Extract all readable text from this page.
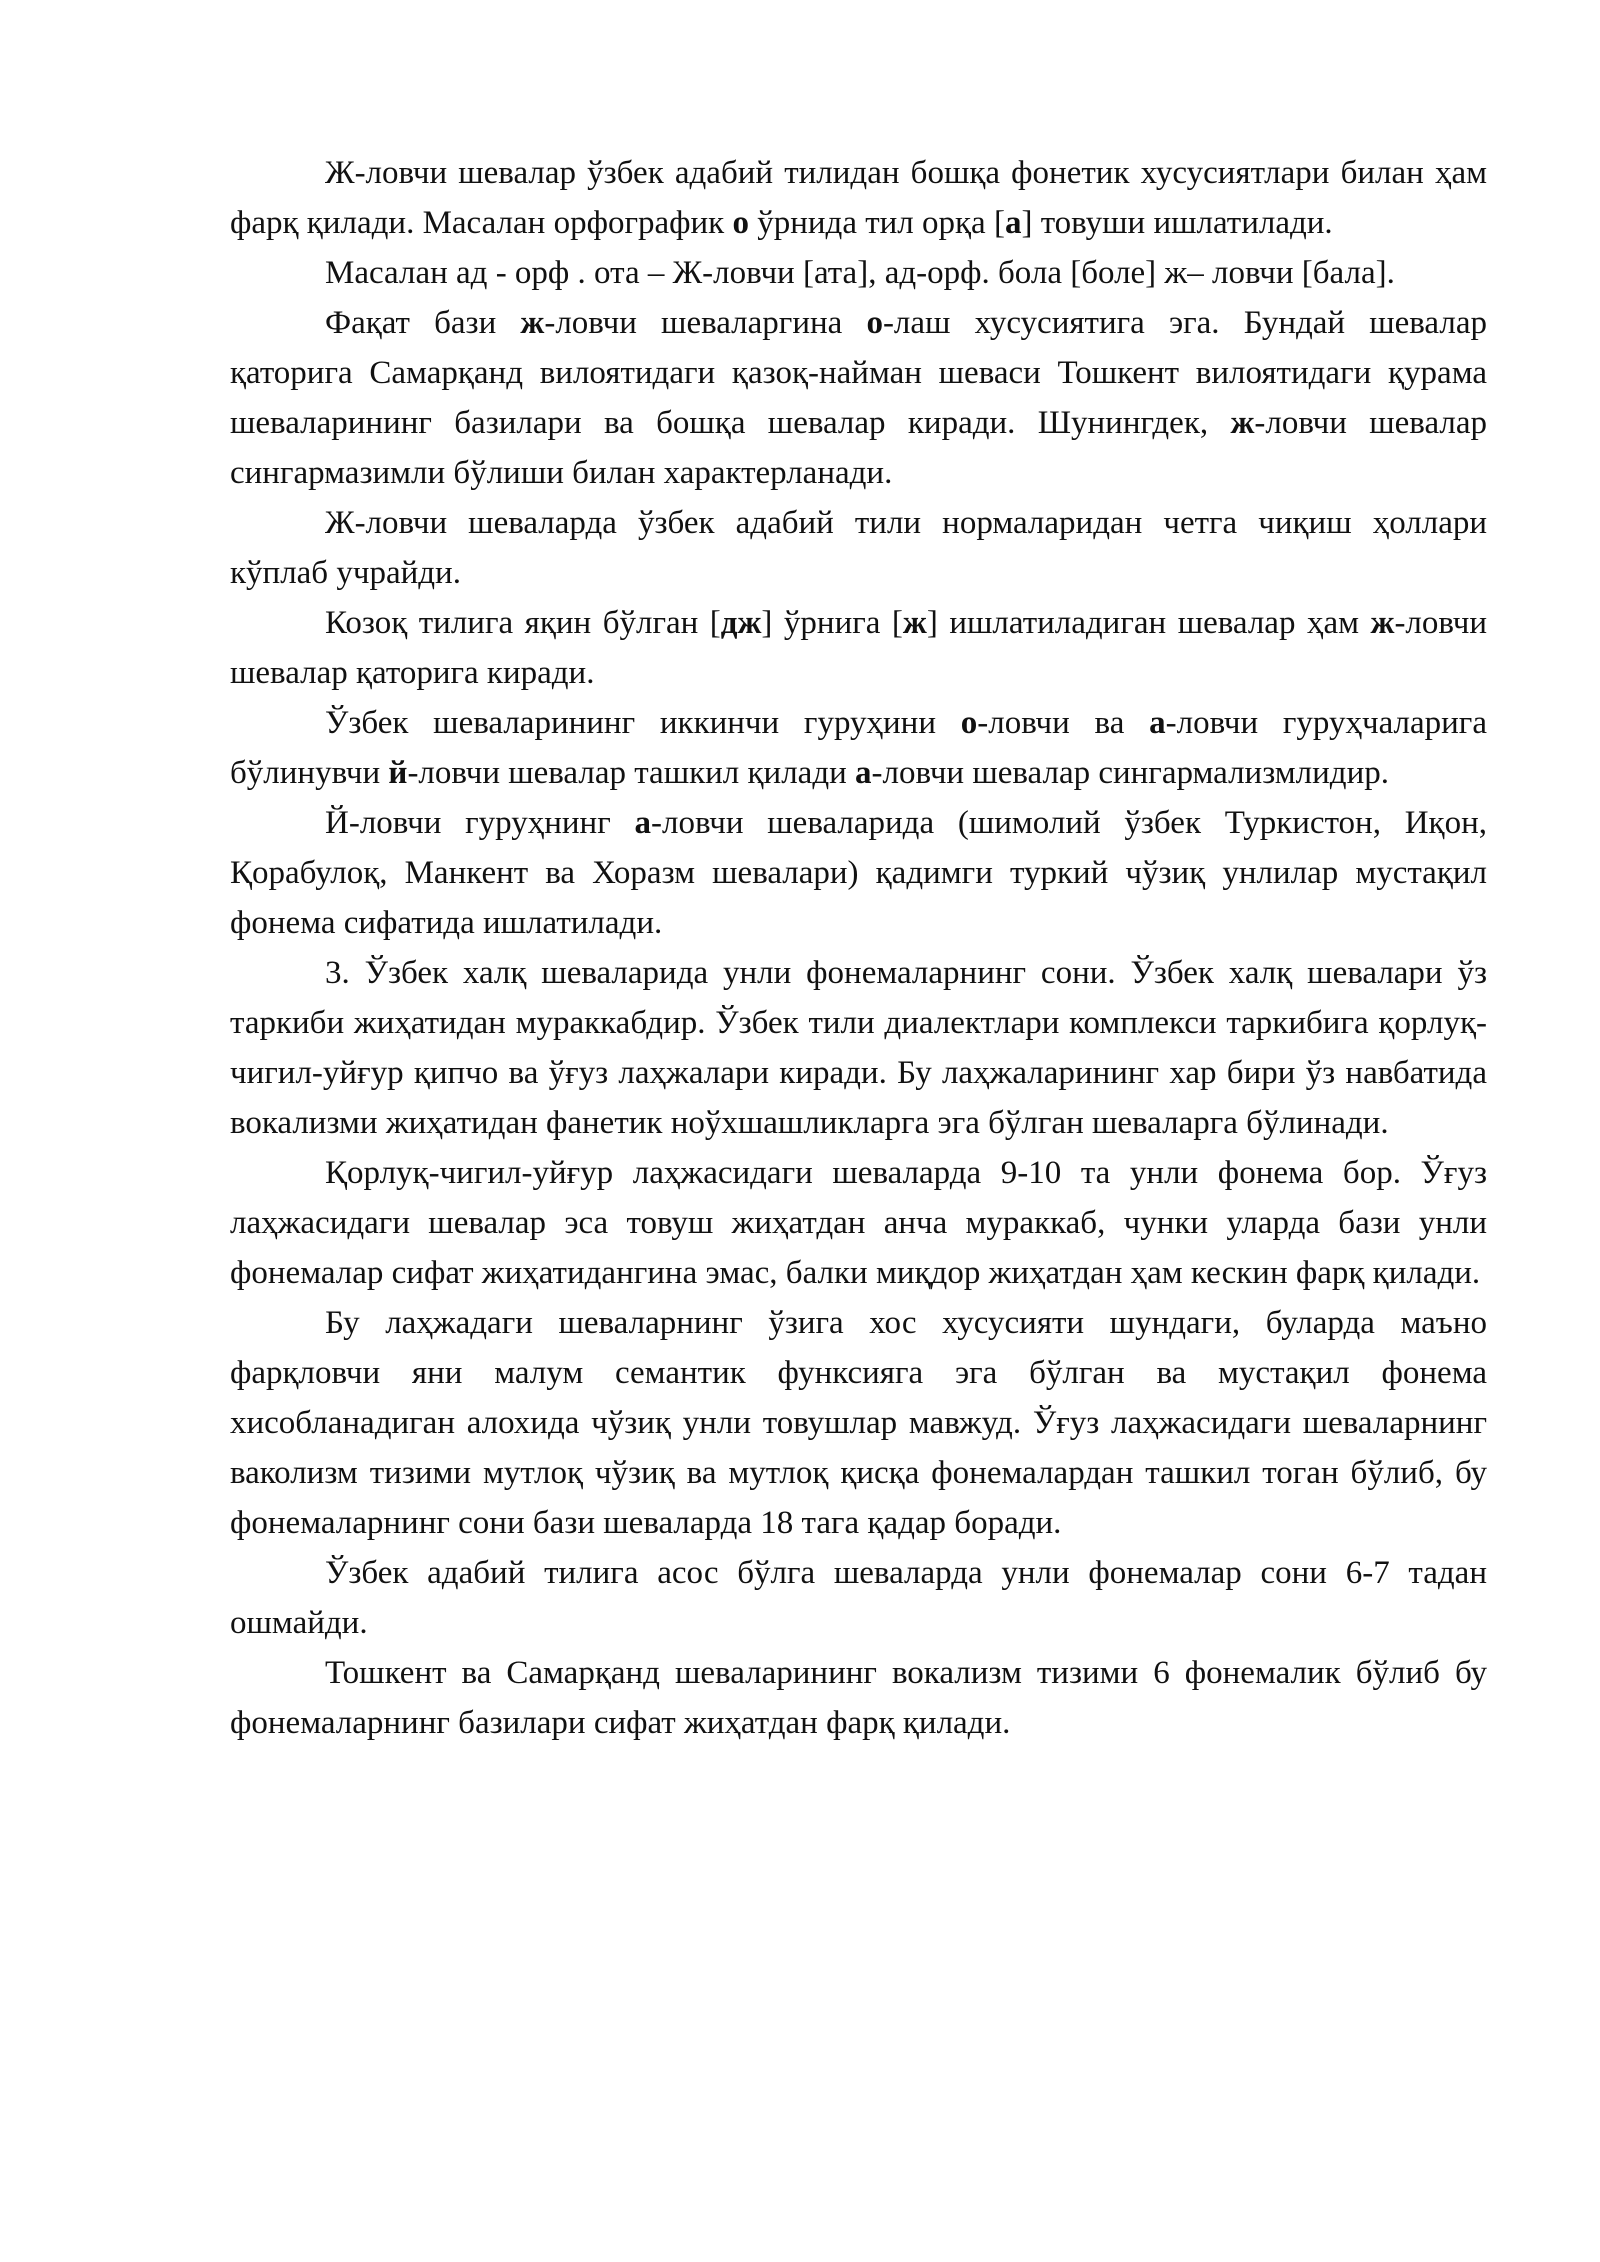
Ж-ловчи шевалар ўзбек адабий тилидан бошқа фонетик хусусиятлари билан ҳам фарқ қилади. Масалан орфографик о ўрнида тил орқа [а] товуши ишлатилади.

Масалан ад - орф . ота – Ж-ловчи [ата], ад-орф. бола [боле] ж– ловчи [бала].

Фақат бази ж-ловчи шеваларгина о-лаш хусусиятига эга. Бундай шевалар қаторига Самарқанд вилоятидаги қазоқ-найман шеваси Тошкент вилоятидаги қурама шеваларининг базилари ва бошқа шевалар киради. Шунингдек, ж-ловчи шевалар сингармазимли бўлиши билан характерланади.

Ж-ловчи шеваларда ўзбек адабий тили нормаларидан четга чиқиш ҳоллари кўплаб учрайди.

Козоқ тилига яқин бўлган [дж] ўрнига [ж] ишлатиладиган шевалар ҳам ж-ловчи шевалар қаторига киради.

Ўзбек шеваларининг иккинчи гуруҳини о-ловчи ва а-ловчи гуруҳчаларига бўлинувчи й-ловчи шевалар ташкил қилади а-ловчи шевалар сингармализмлидир.

Й-ловчи гуруҳнинг а-ловчи шеваларида (шимолий ўзбек Туркистон, Иқон, Қорабулоқ, Манкент ва Хоразм шевалари) қадимги туркий чўзиқ унлилар мустақил фонема сифатида ишлатилади.

3. Ўзбек халқ шеваларида унли фонемаларнинг сони. Ўзбек халқ шевалари ўз таркиби жиҳатидан мураккабдир. Ўзбек тили диалектлари комплекси таркибига қорлуқ-чигил-уйғур қипчо ва ўғуз лаҳжалари киради. Бу лаҳжаларининг хар бири ўз навбатида вокализми жиҳатидан фанетик ноўхшашликларга эга бўлган шеваларга бўлинади.

Қорлуқ-чигил-уйғур лаҳжасидаги шеваларда 9-10 та унли фонема бор. Ўғуз лаҳжасидаги шевалар эса товуш жиҳатдан анча мураккаб, чунки уларда бази унли фонемалар сифат жиҳатидангина эмас, балки миқдор жиҳатдан ҳам кескин фарқ қилади.

Бу лаҳжадаги шеваларнинг ўзига хос хусусияти шундаги, буларда маъно фарқловчи яни малум семантик функсияга эга бўлган ва мустақил фонема хисобланадиган алохида чўзиқ унли товушлар мавжуд. Ўғуз лаҳжасидаги шеваларнинг ваколизм тизими мутлоқ чўзиқ ва мутлоқ қисқа фонемалардан ташкил тоган бўлиб, бу фонемаларнинг сони бази шеваларда 18 тага қадар боради.

Ўзбек адабий тилига асос бўлга шеваларда унли фонемалар сони 6-7 тадан ошмайди.

Тошкент ва Самарқанд шеваларининг вокализм тизими 6 фонемалик бўлиб бу фонемаларнинг базилари сифат жиҳатдан фарқ қилади.
